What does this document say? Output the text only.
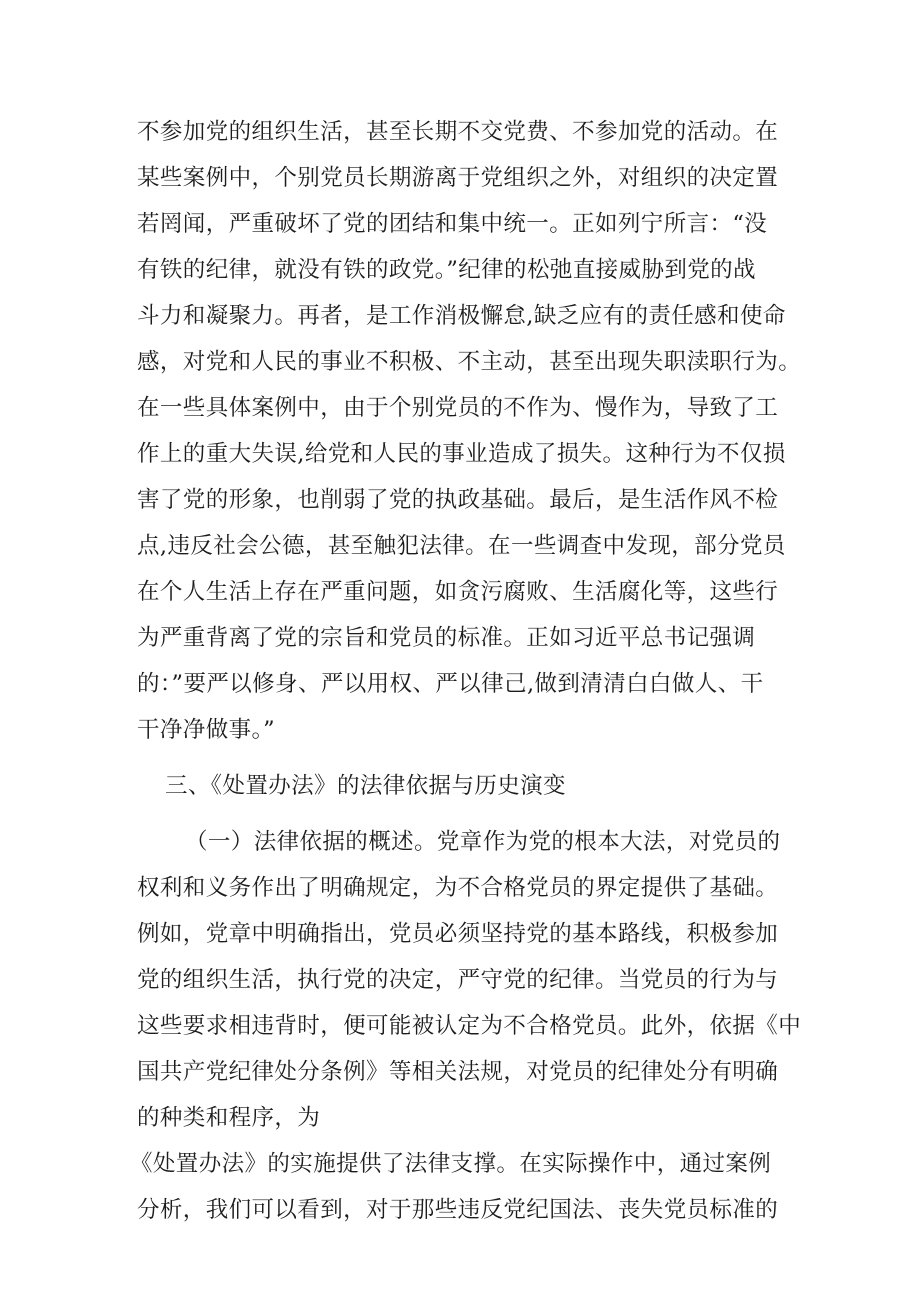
不参加党的组织生活，甚至长期不交党费、不参加党的活动。在
某些案例中，个别党员长期游离于党组织之外，对组织的决定置
若罔闻，严重破坏了党的团结和集中统一。正如列宁所言：“没
有铁的纪律，就没有铁的政党。”纪律的松弛直接威胁到党的战
斗力和凝聚力。再者，是工作消极懈怠,缺乏应有的责任感和使命
感，对党和人民的事业不积极、不主动，甚至出现失职渎职行为。
在一些具体案例中，由于个别党员的不作为、慢作为，导致了工
作上的重大失误,给党和人民的事业造成了损失。这种行为不仅损
害了党的形象，也削弱了党的执政基础。最后，是生活作风不检
点,违反社会公德，甚至触犯法律。在一些调查中发现，部分党员
在个人生活上存在严重问题，如贪污腐败、生活腐化等，这些行
为严重背离了党的宗旨和党员的标准。正如习近平总书记强调
的：”要严以修身、严以用权、严以律己,做到清清白白做人、干
干净净做事。”
三、《处置办法》的法律依据与历史演变
（一）法律依据的概述。党章作为党的根本大法，对党员的
权利和义务作出了明确规定，为不合格党员的界定提供了基础。
例如，党章中明确指出，党员必须坚持党的基本路线，积极参加
党的组织生活，执行党的决定，严守党的纪律。当党员的行为与
这些要求相违背时，便可能被认定为不合格党员。此外，依据《中
国共产党纪律处分条例》等相关法规，对党员的纪律处分有明确
的种类和程序，为
《处置办法》的实施提供了法律支撑。在实际操作中，通过案例
分析，我们可以看到，对于那些违反党纪国法、丧失党员标准的
